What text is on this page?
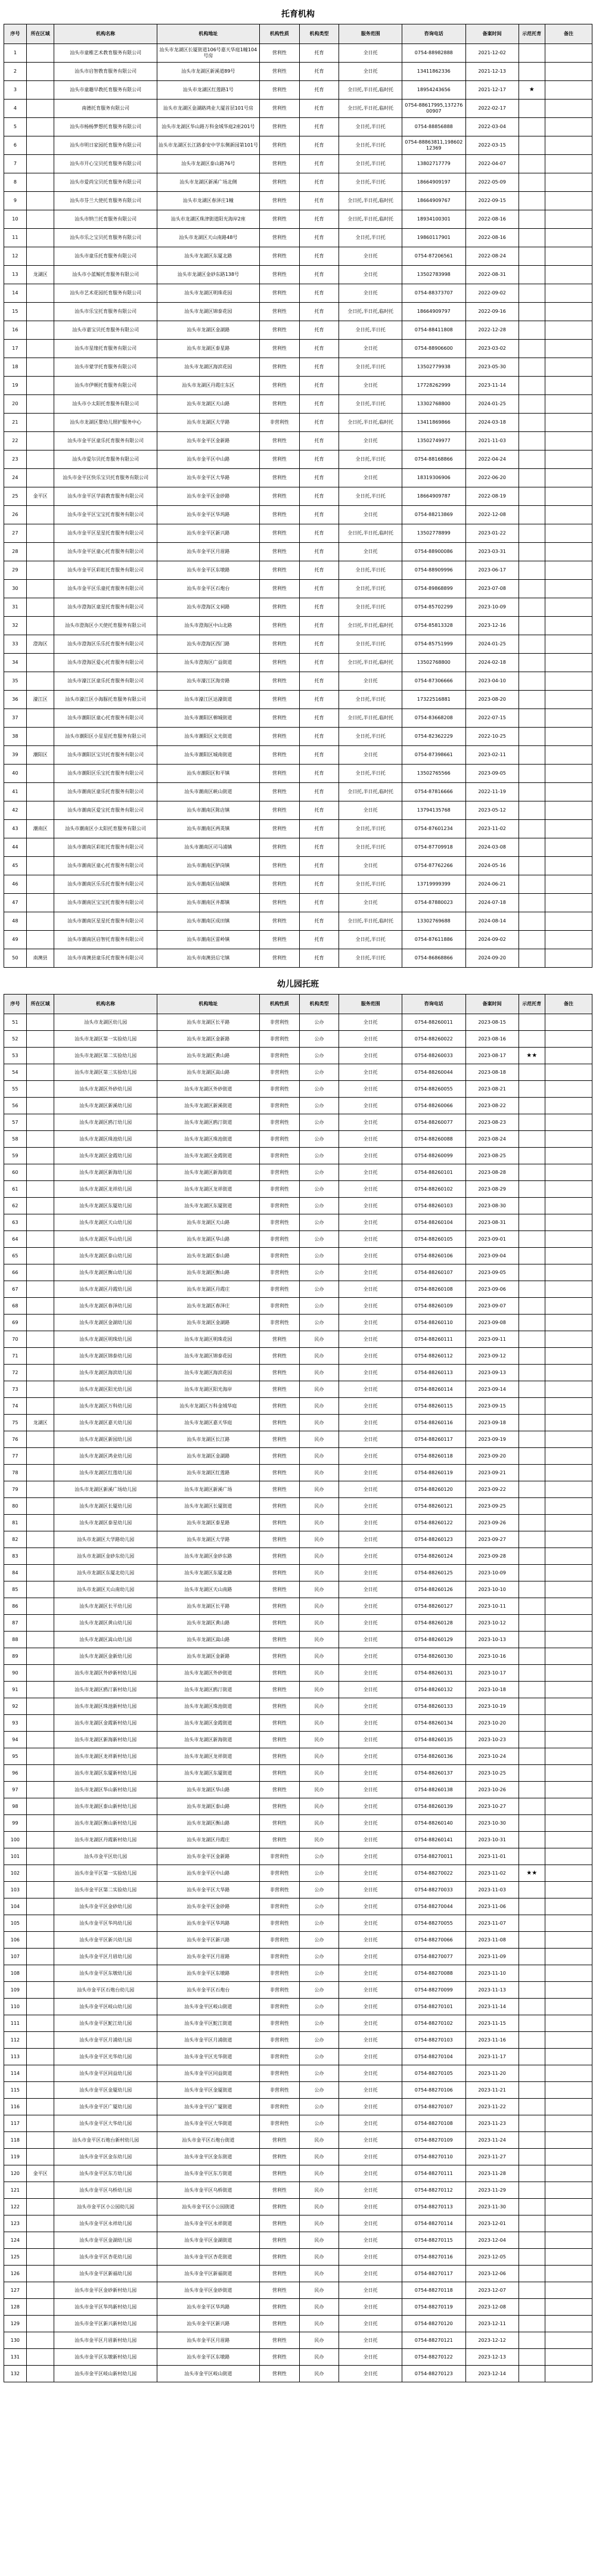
托育机构
序号	所在区域	机构名称	机构地址	机构性质	机构类型	服务范围	咨询电话	备案时间	示范托育	备注
1		汕头市童稚艺术教育服务有限公司	汕头市龙湖区长厦街道106号嘉天华庭1幢104号房	营利性	托育	全日托	0754-88982888	2021-12-02		
2		汕头市启智教育服务有限公司	汕头市龙湖区新溪道89号	营利性	托育	全日托	13411862336	2021-12-13		
3		汕头市童趣早教托育服务有限公司	汕头市龙湖区红莲路1号	营利性	托育	全日托,半日托,临时托	18954243656	2021-12-17	★	
4		南德托育服务有限公司	汕头市龙湖区金湖路鸿业大厦首层101号房	营利性	托育	全日托,半日托,临时托	0754-88617995,13727600907	2022-02-17		
5		汕头市杨杨梦想托育服务有限公司	汕头市龙湖区华山路万科金域华庭2座201号	营利性	托育	全日托,半日托	0754-88856888	2022-03-04		
6		汕头市明日家园托育服务有限公司	汕头市龙湖区长江路泰安中学东侧新园第101号	营利性	托育	全日托,半日托	0754-88863811,19860212369	2022-03-15		
7		汕头市开心宝贝托育服务有限公司	汕头市龙湖区泰山路76号	营利性	托育	全日托,半日托	13802717779	2022-04-07		
8		汕头市爱尚宝贝托育服务有限公司	汕头市龙湖区新溪广场北侧	营利性	托育	全日托,半日托	18664909197	2022-05-09		
9		汕头市芬兰大使托育服务有限公司	汕头市龙湖区春泽庄1幢	营利性	托育	全日托,半日托,临时托	18664909767	2022-09-15		
10		汕头市纳兰托育服务有限公司	汕头市龙湖区珠津街道阳光海岸2座	营利性	托育	全日托,半日托,临时托	18934100301	2022-08-16		
11		汕头市乐之宝贝托育服务有限公司	汕头市龙湖区天山南路48号	营利性	托育	全日托,半日托	19860117901	2022-08-16		
12		汕头市童乐托育服务有限公司	汕头市龙湖区东厦北路	营利性	托育	全日托	0754-87206561	2022-08-24		
13	龙湖区	汕头市小蓝鲸托育服务有限公司	汕头市龙湖区金砂东路138号	营利性	托育	全日托	13502783998	2022-08-31		
14		汕头市艺术花园托育服务有限公司	汕头市龙湖区明珠花园	营利性	托育	全日托	0754-88373707	2022-09-02		
15		汕头市乐宝托育服务有限公司	汕头市龙湖区锦泰花园	营利性	托育	全日托,半日托,临时托	18664909797	2022-09-16		
16		汕头市嘉宝贝托育服务有限公司	汕头市龙湖区金湖路	营利性	托育	全日托,半日托	0754-88411808	2022-12-28		
17		汕头市星缘托育服务有限公司	汕头市龙湖区泰星路	营利性	托育	全日托	0754-88906600	2023-03-02		
18		汕头市蒙学托育服务有限公司	汕头市龙湖区海滨花园	营利性	托育	全日托,半日托	13502779938	2023-05-30		
19		汕头市伊顿托育服务有限公司	汕头市龙湖区丹霞庄东区	营利性	托育	全日托	17728262999	2023-11-14		
20		汕头市小太阳托育服务有限公司	汕头市龙湖区天山路	营利性	托育	全日托,半日托	13302768800	2024-01-25		
21		汕头市龙湖区婴幼儿照护服务中心	汕头市龙湖区大学路	非营利性	托育	全日托,半日托,临时托	13411869866	2024-03-18		
22		汕头市金平区童乐托育服务有限公司	汕头市金平区金新路	营利性	托育	全日托	13502749977	2021-11-03		
23		汕头市爱尔贝托育服务有限公司	汕头市金平区中山路	营利性	托育	全日托,半日托	0754-88168866	2022-04-24		
24		汕头市金平区快乐宝贝托育服务有限公司	汕头市金平区大华路	营利性	托育	全日托	18319306906	2022-06-20		
25	金平区	汕头市金平区学前教育服务有限公司	汕头市金平区金砂路	营利性	托育	全日托,半日托	18664909787	2022-08-19		
26		汕头市金平区宝宝托育服务有限公司	汕头市金平区华坞路	营利性	托育	全日托	0754-88213869	2022-12-08		
27		汕头市金平区星星托育服务有限公司	汕头市金平区新兴路	营利性	托育	全日托,半日托,临时托	13502778899	2023-01-22		
28		汕头市金平区童心托育服务有限公司	汕头市金平区月眉路	营利性	托育	全日托	0754-88900086	2023-03-31		
29		汕头市金平区彩虹托育服务有限公司	汕头市金平区东墩路	营利性	托育	全日托,半日托	0754-88909996	2023-06-17		
30		汕头市金平区乐童托育服务有限公司	汕头市金平区石炮台	营利性	托育	全日托,半日托	0754-89868899	2023-07-08		
31		汕头市澄海区童星托育服务有限公司	汕头市澄海区文祠路	营利性	托育	全日托,半日托	0754-85702299	2023-10-09		
32		汕头市澄海区小天使托育服务有限公司	汕头市澄海区中山北路	营利性	托育	全日托,半日托,临时托	0754-85813328	2023-12-16		
33	澄海区	汕头市澄海区乐乐托育服务有限公司	汕头市澄海区西门路	营利性	托育	全日托,半日托	0754-85751999	2024-01-25		
34		汕头市澄海区爱心托育服务有限公司	汕头市澄海区广益街道	营利性	托育	全日托,半日托,临时托	13502768800	2024-02-18		
35		汕头市濠江区童乐托育服务有限公司	汕头市濠江区海旁路	营利性	托育	全日托	0754-87306666	2023-04-10		
36	濠江区	汕头市濠江区小海豚托育服务有限公司	汕头市濠江区达濠街道	营利性	托育	全日托,半日托	17322516881	2023-08-20		
37		汕头市潮阳区童心托育服务有限公司	汕头市潮阳区棉城街道	营利性	托育	全日托,半日托,临时托	0754-83668208	2022-07-15		
38		汕头市潮阳区小星星托育服务有限公司	汕头市潮阳区文光街道	营利性	托育	全日托,半日托	0754-82362229	2022-10-25		
39	潮阳区	汕头市潮阳区宝贝托育服务有限公司	汕头市潮阳区城南街道	营利性	托育	全日托	0754-87398661	2023-02-11		
40		汕头市潮阳区乐宝托育服务有限公司	汕头市潮阳区和平镇	营利性	托育	全日托,半日托	13502765566	2023-09-05		
41		汕头市潮南区童乐托育服务有限公司	汕头市潮南区峡山街道	营利性	托育	全日托,半日托,临时托	0754-87816666	2022-11-19		
42		汕头市潮南区爱宝托育服务有限公司	汕头市潮南区陈店镇	营利性	托育	全日托	13794135768	2023-05-12		
43	潮南区	汕头市潮南区小太阳托育服务有限公司	汕头市潮南区两英镇	营利性	托育	全日托,半日托	0754-87601234	2023-11-02		
44		汕头市潮南区彩虹托育服务有限公司	汕头市潮南区司马浦镇	营利性	托育	全日托,半日托	0754-87709918	2024-03-08		
45		汕头市潮南区童心托育服务有限公司	汕头市潮南区胪岗镇	营利性	托育	全日托	0754-87762266	2024-05-16		
46		汕头市潮南区乐乐托育服务有限公司	汕头市潮南区仙城镇	营利性	托育	全日托,半日托	13719999399	2024-06-21		
47		汕头市潮南区宝宝托育服务有限公司	汕头市潮南区井都镇	营利性	托育	全日托	0754-87880023	2024-07-18		
48		汕头市潮南区星星托育服务有限公司	汕头市潮南区成田镇	营利性	托育	全日托,半日托,临时托	13302769688	2024-08-14		
49		汕头市潮南区启智托育服务有限公司	汕头市潮南区雷岭镇	营利性	托育	全日托,半日托	0754-87611886	2024-09-02		
50	南澳县	汕头市南澳县童乐托育服务有限公司	汕头市南澳县后宅镇	营利性	托育	全日托,半日托	0754-86868866	2024-09-20		
幼儿园托班
序号	所在区域	机构名称	机构地址	机构性质	机构类型	服务范围	咨询电话	备案时间	示范托育	备注
51		汕头市龙湖区幼儿园	汕头市龙湖区长平路	非营利性	公办	全日托	0754-88260011	2023-08-15		
52		汕头市龙湖区第一实验幼儿园	汕头市龙湖区金新路	非营利性	公办	全日托	0754-88260022	2023-08-16		
53		汕头市龙湖区第二实验幼儿园	汕头市龙湖区黄山路	非营利性	公办	全日托	0754-88260033	2023-08-17	★★	
54		汕头市龙湖区第三实验幼儿园	汕头市龙湖区嵩山路	非营利性	公办	全日托	0754-88260044	2023-08-18		
55		汕头市龙湖区外砂幼儿园	汕头市龙湖区外砂街道	非营利性	公办	全日托	0754-88260055	2023-08-21		
56		汕头市龙湖区新溪幼儿园	汕头市龙湖区新溪街道	非营利性	公办	全日托	0754-88260066	2023-08-22		
57		汕头市龙湖区鸥汀幼儿园	汕头市龙湖区鸥汀街道	非营利性	公办	全日托	0754-88260077	2023-08-23		
58		汕头市龙湖区珠池幼儿园	汕头市龙湖区珠池街道	非营利性	公办	全日托	0754-88260088	2023-08-24		
59		汕头市龙湖区金霞幼儿园	汕头市龙湖区金霞街道	非营利性	公办	全日托	0754-88260099	2023-08-25		
60		汕头市龙湖区新海幼儿园	汕头市龙湖区新海街道	非营利性	公办	全日托	0754-88260101	2023-08-28		
61		汕头市龙湖区龙祥幼儿园	汕头市龙湖区龙祥街道	非营利性	公办	全日托	0754-88260102	2023-08-29		
62		汕头市龙湖区东厦幼儿园	汕头市龙湖区东厦街道	非营利性	公办	全日托	0754-88260103	2023-08-30		
63		汕头市龙湖区天山幼儿园	汕头市龙湖区天山路	非营利性	公办	全日托	0754-88260104	2023-08-31		
64		汕头市龙湖区华山幼儿园	汕头市龙湖区华山路	非营利性	公办	全日托	0754-88260105	2023-09-01		
65		汕头市龙湖区泰山幼儿园	汕头市龙湖区泰山路	非营利性	公办	全日托	0754-88260106	2023-09-04		
66		汕头市龙湖区衡山幼儿园	汕头市龙湖区衡山路	非营利性	公办	全日托	0754-88260107	2023-09-05		
67		汕头市龙湖区丹霞幼儿园	汕头市龙湖区丹霞庄	非营利性	公办	全日托	0754-88260108	2023-09-06		
68		汕头市龙湖区春泽幼儿园	汕头市龙湖区春泽庄	非营利性	公办	全日托	0754-88260109	2023-09-07		
69		汕头市龙湖区金湖幼儿园	汕头市龙湖区金湖路	非营利性	公办	全日托	0754-88260110	2023-09-08		
70		汕头市龙湖区明珠幼儿园	汕头市龙湖区明珠花园	营利性	民办	全日托	0754-88260111	2023-09-11		
71		汕头市龙湖区锦泰幼儿园	汕头市龙湖区锦泰花园	营利性	民办	全日托	0754-88260112	2023-09-12		
72		汕头市龙湖区海滨幼儿园	汕头市龙湖区海滨花园	营利性	民办	全日托	0754-88260113	2023-09-13		
73		汕头市龙湖区阳光幼儿园	汕头市龙湖区阳光海岸	营利性	民办	全日托	0754-88260114	2023-09-14		
74		汕头市龙湖区万科幼儿园	汕头市龙湖区万科金域华庭	营利性	民办	全日托	0754-88260115	2023-09-15		
75	龙湖区	汕头市龙湖区嘉天幼儿园	汕头市龙湖区嘉天华庭	营利性	民办	全日托	0754-88260116	2023-09-18		
76		汕头市龙湖区新园幼儿园	汕头市龙湖区长江路	营利性	民办	全日托	0754-88260117	2023-09-19		
77		汕头市龙湖区鸿业幼儿园	汕头市龙湖区金湖路	营利性	民办	全日托	0754-88260118	2023-09-20		
78		汕头市龙湖区红莲幼儿园	汕头市龙湖区红莲路	营利性	民办	全日托	0754-88260119	2023-09-21		
79		汕头市龙湖区新溪广场幼儿园	汕头市龙湖区新溪广场	营利性	民办	全日托	0754-88260120	2023-09-22		
80		汕头市龙湖区长厦幼儿园	汕头市龙湖区长厦街道	营利性	民办	全日托	0754-88260121	2023-09-25		
81		汕头市龙湖区泰星幼儿园	汕头市龙湖区泰星路	营利性	民办	全日托	0754-88260122	2023-09-26		
82		汕头市龙湖区大学路幼儿园	汕头市龙湖区大学路	营利性	民办	全日托	0754-88260123	2023-09-27		
83		汕头市龙湖区金砂东幼儿园	汕头市龙湖区金砂东路	营利性	民办	全日托	0754-88260124	2023-09-28		
84		汕头市龙湖区东厦北幼儿园	汕头市龙湖区东厦北路	营利性	民办	全日托	0754-88260125	2023-10-09		
85		汕头市龙湖区天山南幼儿园	汕头市龙湖区天山南路	营利性	民办	全日托	0754-88260126	2023-10-10		
86		汕头市龙湖区长平幼儿园	汕头市龙湖区长平路	营利性	民办	全日托	0754-88260127	2023-10-11		
87		汕头市龙湖区黄山幼儿园	汕头市龙湖区黄山路	营利性	民办	全日托	0754-88260128	2023-10-12		
88		汕头市龙湖区嵩山幼儿园	汕头市龙湖区嵩山路	营利性	民办	全日托	0754-88260129	2023-10-13		
89		汕头市龙湖区金新幼儿园	汕头市龙湖区金新路	营利性	民办	全日托	0754-88260130	2023-10-16		
90		汕头市龙湖区外砂新村幼儿园	汕头市龙湖区外砂街道	营利性	民办	全日托	0754-88260131	2023-10-17		
91		汕头市龙湖区鸥汀新村幼儿园	汕头市龙湖区鸥汀街道	营利性	民办	全日托	0754-88260132	2023-10-18		
92		汕头市龙湖区珠池新村幼儿园	汕头市龙湖区珠池街道	营利性	民办	全日托	0754-88260133	2023-10-19		
93		汕头市龙湖区金霞新村幼儿园	汕头市龙湖区金霞街道	营利性	民办	全日托	0754-88260134	2023-10-20		
94		汕头市龙湖区新海新村幼儿园	汕头市龙湖区新海街道	营利性	民办	全日托	0754-88260135	2023-10-23		
95		汕头市龙湖区龙祥新村幼儿园	汕头市龙湖区龙祥街道	营利性	民办	全日托	0754-88260136	2023-10-24		
96		汕头市龙湖区东厦新村幼儿园	汕头市龙湖区东厦街道	营利性	民办	全日托	0754-88260137	2023-10-25		
97		汕头市龙湖区华山新村幼儿园	汕头市龙湖区华山路	营利性	民办	全日托	0754-88260138	2023-10-26		
98		汕头市龙湖区泰山新村幼儿园	汕头市龙湖区泰山路	营利性	民办	全日托	0754-88260139	2023-10-27		
99		汕头市龙湖区衡山新村幼儿园	汕头市龙湖区衡山路	营利性	民办	全日托	0754-88260140	2023-10-30		
100		汕头市龙湖区丹霞新村幼儿园	汕头市龙湖区丹霞庄	营利性	民办	全日托	0754-88260141	2023-10-31		
101		汕头市金平区幼儿园	汕头市金平区金新路	非营利性	公办	全日托	0754-88270011	2023-11-01		
102		汕头市金平区第一实验幼儿园	汕头市金平区中山路	非营利性	公办	全日托	0754-88270022	2023-11-02	★★	
103		汕头市金平区第二实验幼儿园	汕头市金平区大华路	非营利性	公办	全日托	0754-88270033	2023-11-03		
104		汕头市金平区金砂幼儿园	汕头市金平区金砂路	非营利性	公办	全日托	0754-88270044	2023-11-06		
105		汕头市金平区华坞幼儿园	汕头市金平区华坞路	非营利性	公办	全日托	0754-88270055	2023-11-07		
106		汕头市金平区新兴幼儿园	汕头市金平区新兴路	非营利性	公办	全日托	0754-88270066	2023-11-08		
107		汕头市金平区月眉幼儿园	汕头市金平区月眉路	非营利性	公办	全日托	0754-88270077	2023-11-09		
108		汕头市金平区东墩幼儿园	汕头市金平区东墩路	非营利性	公办	全日托	0754-88270088	2023-11-10		
109		汕头市金平区石炮台幼儿园	汕头市金平区石炮台	非营利性	公办	全日托	0754-88270099	2023-11-13		
110		汕头市金平区岐山幼儿园	汕头市金平区岐山街道	非营利性	公办	全日托	0754-88270101	2023-11-14		
111		汕头市金平区鮀江幼儿园	汕头市金平区鮀江街道	非营利性	公办	全日托	0754-88270102	2023-11-15		
112		汕头市金平区月浦幼儿园	汕头市金平区月浦街道	非营利性	公办	全日托	0754-88270103	2023-11-16		
113		汕头市金平区光华幼儿园	汕头市金平区光华街道	非营利性	公办	全日托	0754-88270104	2023-11-17		
114		汕头市金平区同益幼儿园	汕头市金平区同益街道	非营利性	公办	全日托	0754-88270105	2023-11-20		
115		汕头市金平区金厦幼儿园	汕头市金平区金厦街道	非营利性	公办	全日托	0754-88270106	2023-11-21		
116		汕头市金平区广厦幼儿园	汕头市金平区广厦街道	非营利性	公办	全日托	0754-88270107	2023-11-22		
117		汕头市金平区大华幼儿园	汕头市金平区大华街道	非营利性	公办	全日托	0754-88270108	2023-11-23		
118		汕头市金平区石炮台新村幼儿园	汕头市金平区石炮台街道	营利性	民办	全日托	0754-88270109	2023-11-24		
119		汕头市金平区金东幼儿园	汕头市金平区金东街道	营利性	民办	全日托	0754-88270110	2023-11-27		
120	金平区	汕头市金平区东方幼儿园	汕头市金平区东方街道	营利性	民办	全日托	0754-88270111	2023-11-28		
121		汕头市金平区乌桥幼儿园	汕头市金平区乌桥街道	营利性	民办	全日托	0754-88270112	2023-11-29		
122		汕头市金平区小公园幼儿园	汕头市金平区小公园街道	营利性	民办	全日托	0754-88270113	2023-11-30		
123		汕头市金平区永祥幼儿园	汕头市金平区永祥街道	营利性	民办	全日托	0754-88270114	2023-12-01		
124		汕头市金平区金湖幼儿园	汕头市金平区金湖街道	营利性	民办	全日托	0754-88270115	2023-12-04		
125		汕头市金平区杏花幼儿园	汕头市金平区杏花街道	营利性	民办	全日托	0754-88270116	2023-12-05		
126		汕头市金平区新福幼儿园	汕头市金平区新福街道	营利性	民办	全日托	0754-88270117	2023-12-06		
127		汕头市金平区金砂新村幼儿园	汕头市金平区金砂街道	营利性	民办	全日托	0754-88270118	2023-12-07		
128		汕头市金平区华坞新村幼儿园	汕头市金平区华坞路	营利性	民办	全日托	0754-88270119	2023-12-08		
129		汕头市金平区新兴新村幼儿园	汕头市金平区新兴路	营利性	民办	全日托	0754-88270120	2023-12-11		
130		汕头市金平区月眉新村幼儿园	汕头市金平区月眉路	营利性	民办	全日托	0754-88270121	2023-12-12		
131		汕头市金平区东墩新村幼儿园	汕头市金平区东墩路	营利性	民办	全日托	0754-88270122	2023-12-13		
132		汕头市金平区岐山新村幼儿园	汕头市金平区岐山街道	营利性	民办	全日托	0754-88270123	2023-12-14		
